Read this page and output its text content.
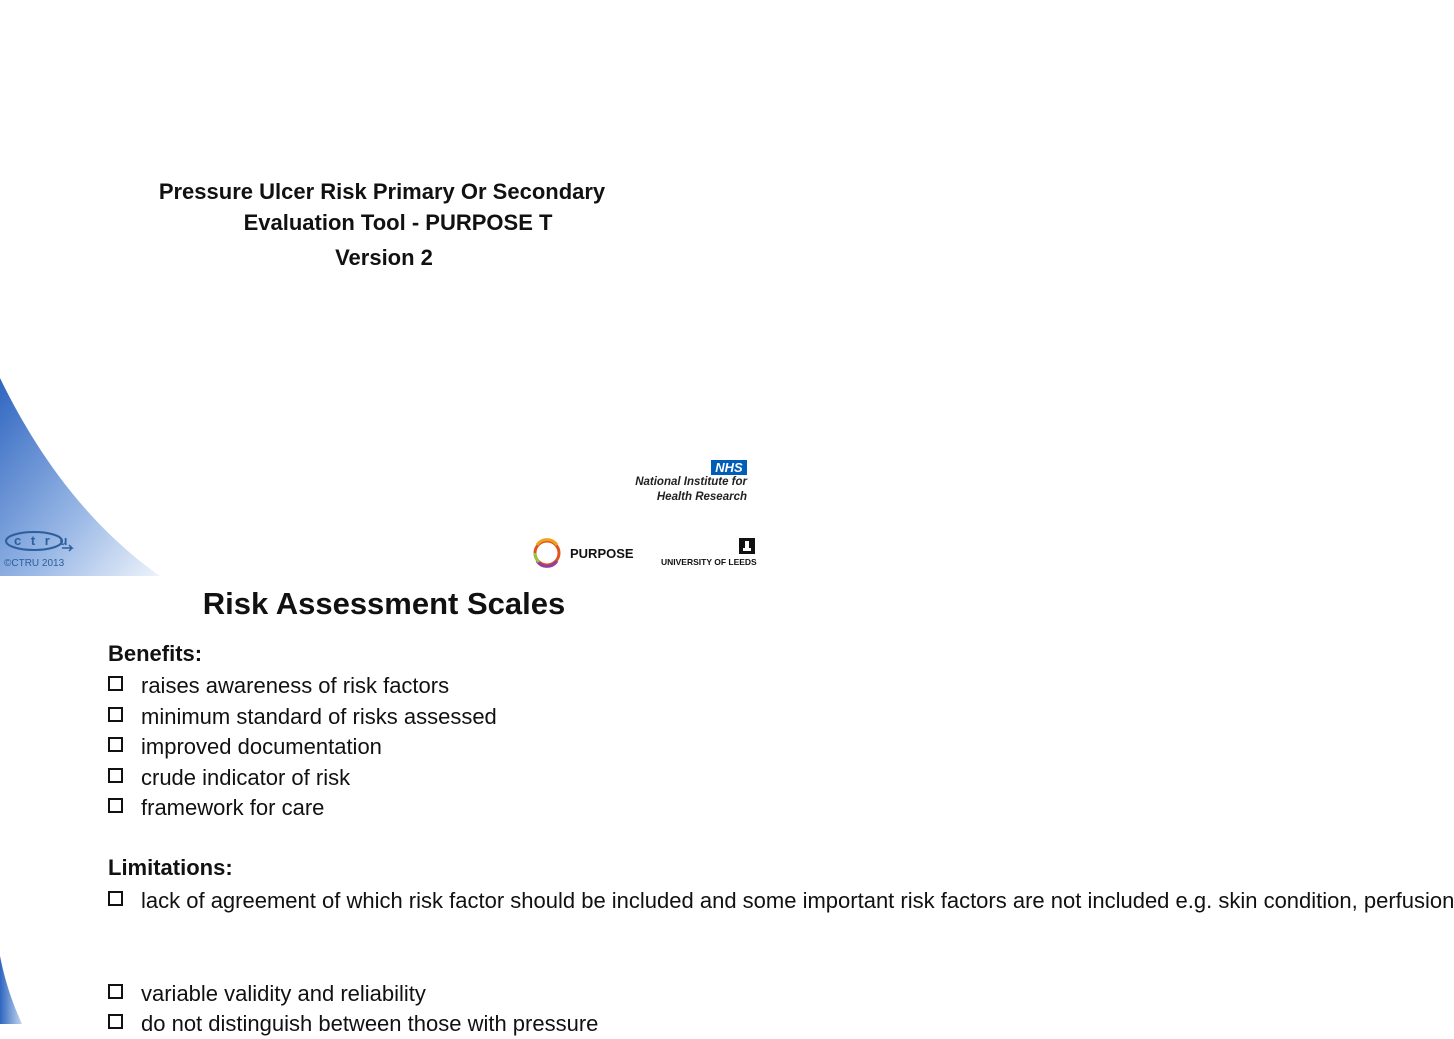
Pressure Ulcer Risk Primary Or Secondary
Evaluation Tool - PURPOSE T
Version 2
c t r u
©CTRU 2013
NHS
National Institute for
Health Research
PURPOSE
UNIVERSITY OF LEEDS
Risk Assessment Scales
Benefits:
raises awareness of risk factors
minimum standard of risks assessed
improved documentation
crude indicator of risk
framework for care
Limitations:
lack of agreement of which risk factor should be included and some important risk factors are not included e.g. skin condition, perfusion
variable validity and reliability
do not distinguish between those with pressure
